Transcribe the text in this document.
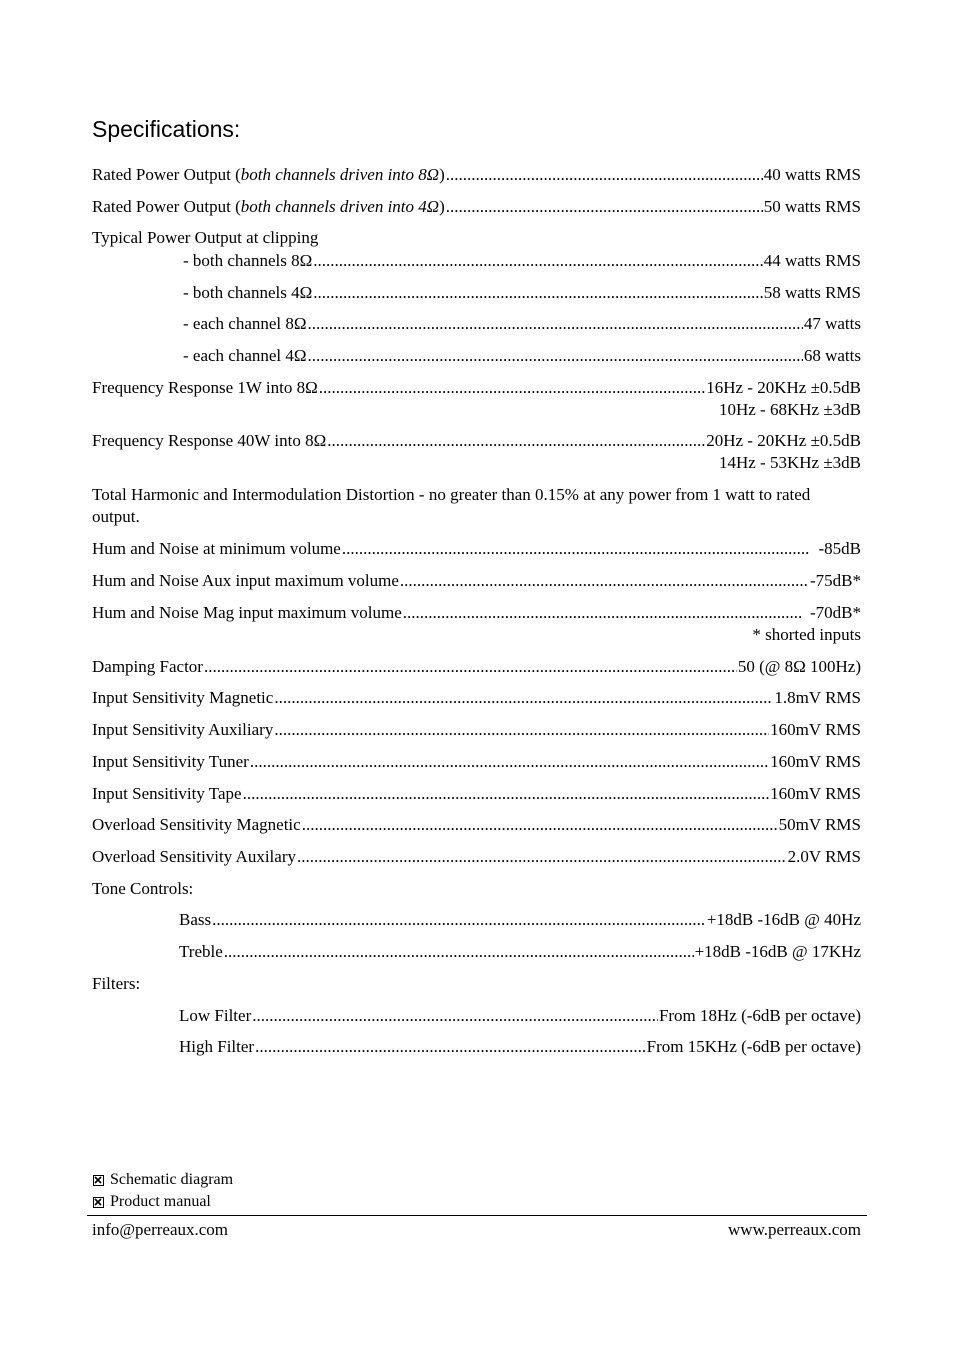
Specifications:
Rated Power Output (both channels driven into 8Ω) .....	40 watts RMS
Rated Power Output (both channels driven into 4Ω) .....	50 watts RMS
Typical Power Output at clipping
- both channels 8Ω .....	44 watts RMS
- both channels 4Ω .....	58 watts RMS
- each channel 8Ω .....	47 watts
- each channel 4Ω .....	68 watts
Frequency Response 1W into 8Ω .....	16Hz - 20KHz ±0.5dB
10Hz - 68KHz ±3dB
Frequency Response 40W into 8Ω .....	20Hz - 20KHz ±0.5dB
14Hz - 53KHz ±3dB
Total Harmonic and Intermodulation Distortion - no greater than 0.15% at any power from 1 watt to rated output.
Hum and Noise at minimum volume .....	-85dB
Hum and Noise Aux input maximum volume .....	-75dB*
Hum and Noise Mag input maximum volume .....	-70dB*
* shorted inputs
Damping Factor .....	50 (@ 8Ω 100Hz)
Input Sensitivity Magnetic .....	1.8mV RMS
Input Sensitivity Auxiliary .....	160mV RMS
Input Sensitivity Tuner .....	160mV RMS
Input Sensitivity Tape .....	160mV RMS
Overload Sensitivity Magnetic .....	50mV RMS
Overload Sensitivity Auxilary .....	2.0V RMS
Tone Controls:
Bass .....	+18dB -16dB @ 40Hz
Treble .....	+18dB -16dB @ 17KHz
Filters:
Low Filter .....	From 18Hz (-6dB per octave)
High Filter .....	From 15KHz (-6dB per octave)
Schematic diagram
Product manual
info@perreaux.com	www.perreaux.com
